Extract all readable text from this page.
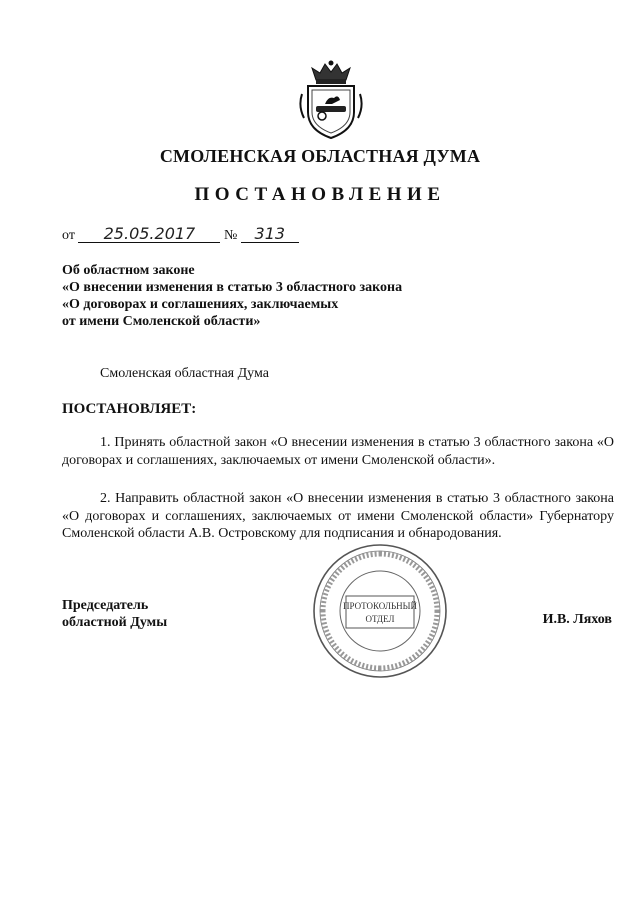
СМОЛЕНСКАЯ ОБЛАСТНАЯ ДУМА
ПОСТАНОВЛЕНИЕ
от 25.05.2017 № 313
Об областном законе
«О внесении изменения в статью 3 областного закона
«О договорах и соглашениях, заключаемых
от имени Смоленской области»
Смоленская областная Дума
ПОСТАНОВЛЯЕТ:

1. Принять областной закон «О внесении изменения в статью 3 областного закона «О договорах и соглашениях, заключаемых от имени Смоленской области».

2. Направить областной закон «О внесении изменения в статью 3 областного закона «О договорах и соглашениях, заключаемых от имени Смоленской области» Губернатору Смоленской области А.В. Островскому для подписания и обнародования.

Председатель
областной Думы
ПРОТОКОЛЬНЫЙ
ОТДЕЛ	И.В. Ляхов
